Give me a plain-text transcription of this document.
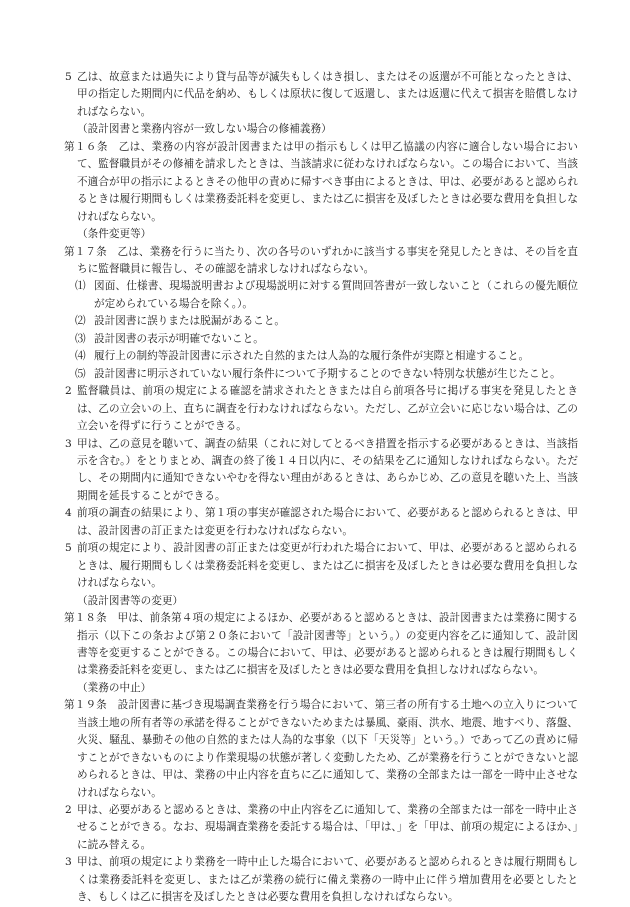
5 乙は、故意または過失により貸与品等が滅失もしくはき損し、またはその返還が不可能となったときは、甲の指定した期間内に代品を納め、もしくは原状に復して返還し、または返還に代えて損害を賠償しなければならない。
（設計図書と業務内容が一致しない場合の修補義務）
第１６条　乙は、業務の内容が設計図書または甲の指示もしくは甲乙協議の内容に適合しない場合において、監督職員がその修補を請求したときは、当該請求に従わなければならない。この場合において、当該不適合が甲の指示によるときその他甲の責めに帰すべき事由によるときは、甲は、必要があると認められるときは履行期間もしくは業務委託料を変更し、または乙に損害を及ぼしたときは必要な費用を負担しなければならない。
（条件変更等）
第１７条　乙は、業務を行うに当たり、次の各号のいずれかに該当する事実を発見したときは、その旨を直ちに監督職員に報告し、その確認を請求しなければならない。
⑴ 図面、仕様書、現場説明書および現場説明に対する質問回答書が一致しないこと（これらの優先順位が定められている場合を除く。）。
⑵ 設計図書に誤りまたは脱漏があること。
⑶ 設計図書の表示が明確でないこと。
⑷ 履行上の制約等設計図書に示された自然的または人為的な履行条件が実際と相違すること。
⑸ 設計図書に明示されていない履行条件について予期することのできない特別な状態が生じたこと。
2 監督職員は、前項の規定による確認を請求されたときまたは自ら前項各号に掲げる事実を発見したときは、乙の立会いの上、直ちに調査を行わなければならない。ただし、乙が立会いに応じない場合は、乙の立会いを得ずに行うことができる。
3 甲は、乙の意見を聴いて、調査の結果（これに対してとるべき措置を指示する必要があるときは、当該指示を含む。）をとりまとめ、調査の終了後１４日以内に、その結果を乙に通知しなければならない。ただし、その期間内に通知できないやむを得ない理由があるときは、あらかじめ、乙の意見を聴いた上、当該期間を延長することができる。
4 前項の調査の結果により、第１項の事実が確認された場合において、必要があると認められるときは、甲は、設計図書の訂正または変更を行わなければならない。
5 前項の規定により、設計図書の訂正または変更が行われた場合において、甲は、必要があると認められるときは、履行期間もしくは業務委託料を変更し、または乙に損害を及ぼしたときは必要な費用を負担しなければならない。
（設計図書等の変更）
第１８条　甲は、前条第４項の規定によるほか、必要があると認めるときは、設計図書または業務に関する指示（以下この条および第２０条において「設計図書等」という。）の変更内容を乙に通知して、設計図書等を変更することができる。この場合において、甲は、必要があると認められるときは履行期間もしくは業務委託料を変更し、または乙に損害を及ぼしたときは必要な費用を負担しなければならない。
（業務の中止）
第１９条　設計図書に基づき現場調査業務を行う場合において、第三者の所有する土地への立入りについて当該土地の所有者等の承諾を得ることができないためまたは暴風、豪雨、洪水、地震、地すべり、落盤、火災、騒乱、暴動その他の自然的または人為的な事象（以下「天災等」という。）であって乙の責めに帰すことができないものにより作業現場の状態が著しく変動したため、乙が業務を行うことができないと認められるときは、甲は、業務の中止内容を直ちに乙に通知して、業務の全部または一部を一時中止させなければならない。
2 甲は、必要があると認めるときは、業務の中止内容を乙に通知して、業務の全部または一部を一時中止させることができる。なお、現場調査業務を委託する場合は、「甲は、」を「甲は、前項の規定によるほか、」に読み替える。
3 甲は、前項の規定により業務を一時中止した場合において、必要があると認められるときは履行期間もしくは業務委託料を変更し、または乙が業務の続行に備え業務の一時中止に伴う増加費用を必要としたとき、もしくは乙に損害を及ぼしたときは必要な費用を負担しなければならない。
